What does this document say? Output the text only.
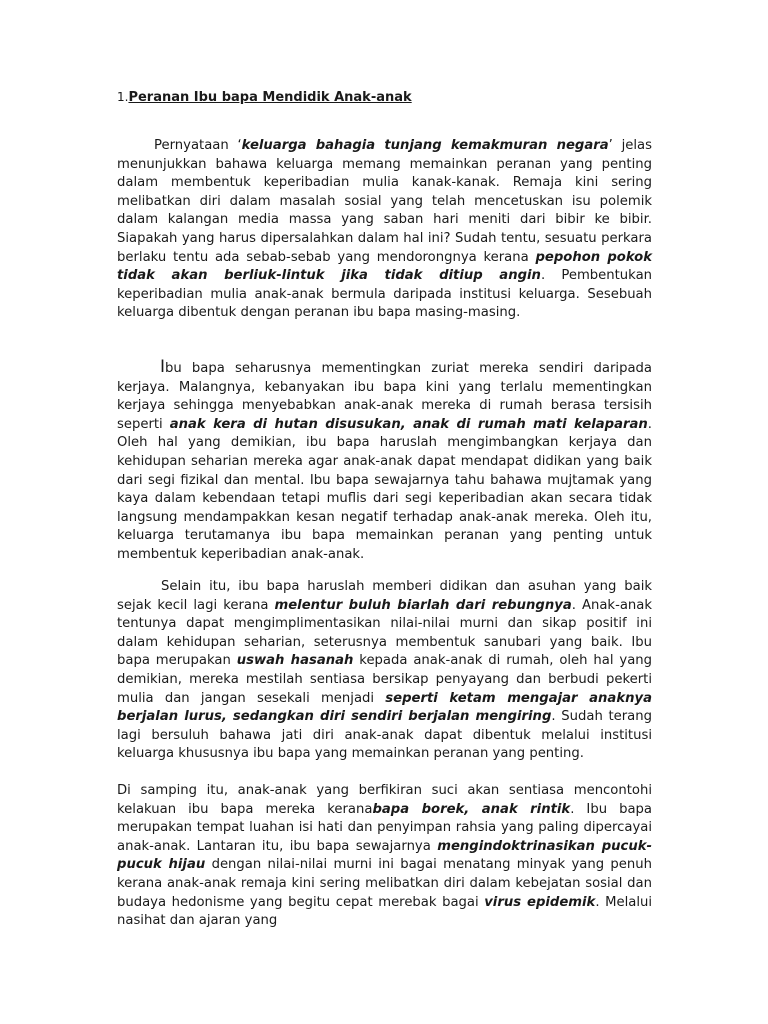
1.Peranan Ibu bapa Mendidik Anak-anak

Pernyataan ‘keluarga bahagia tunjang kemakmuran negara’ jelas menunjukkan bahawa keluarga memang memainkan peranan yang penting dalam membentuk keperibadian mulia kanak-kanak. Remaja kini sering melibatkan diri dalam masalah sosial yang telah mencetuskan isu polemik dalam kalangan media massa yang saban hari meniti dari bibir ke bibir. Siapakah yang harus dipersalahkan dalam hal ini? Sudah tentu, sesuatu perkara berlaku tentu ada sebab-sebab yang mendorongnya kerana pepohon pokok tidak akan berliuk-lintuk jika tidak ditiup angin. Pembentukan keperibadian mulia anak-anak bermula daripada institusi keluarga. Sesebuah keluarga dibentuk dengan peranan ibu bapa masing-masing.

Ibu bapa seharusnya mementingkan zuriat mereka sendiri daripada kerjaya. Malangnya, kebanyakan ibu bapa kini yang terlalu mementingkan kerjaya sehingga menyebabkan anak-anak mereka di rumah berasa tersisih seperti anak kera di hutan disusukan, anak di rumah mati kelaparan. Oleh hal yang demikian, ibu bapa haruslah mengimbangkan kerjaya dan kehidupan seharian mereka agar anak-anak dapat mendapat didikan yang baik dari segi fizikal dan mental. Ibu bapa sewajarnya tahu bahawa mujtamak yang kaya dalam kebendaan tetapi muflis dari segi keperibadian akan secara tidak langsung mendampakkan kesan negatif terhadap anak-anak mereka. Oleh itu, keluarga terutamanya ibu bapa memainkan peranan yang penting untuk membentuk keperibadian anak-anak.

Selain itu, ibu bapa haruslah memberi didikan dan asuhan yang baik sejak kecil lagi kerana melentur buluh biarlah dari rebungnya. Anak-anak tentunya dapat mengimplimentasikan nilai-nilai murni dan sikap positif ini dalam kehidupan seharian, seterusnya membentuk sanubari yang baik. Ibu bapa merupakan uswah hasanah kepada anak-anak di rumah, oleh hal yang demikian, mereka mestilah sentiasa bersikap penyayang dan berbudi pekerti mulia dan jangan sesekali menjadi seperti ketam mengajar anaknya berjalan lurus, sedangkan diri sendiri berjalan mengiring. Sudah terang lagi bersuluh bahawa jati diri anak-anak dapat dibentuk melalui institusi keluarga khususnya ibu bapa yang memainkan peranan yang penting.

Di samping itu, anak-anak yang berfikiran suci akan sentiasa mencontohi kelakuan ibu bapa mereka keranabapa borek, anak rintik. Ibu bapa merupakan tempat luahan isi hati dan penyimpan rahsia yang paling dipercayai anak-anak. Lantaran itu, ibu bapa sewajarnya mengindoktrinasikan pucuk-pucuk hijau dengan nilai-nilai murni ini bagai menatang minyak yang penuh kerana anak-anak remaja kini sering melibatkan diri dalam kebejatan sosial dan budaya hedonisme yang begitu cepat merebak bagai virus epidemik. Melalui nasihat dan ajaran yang
